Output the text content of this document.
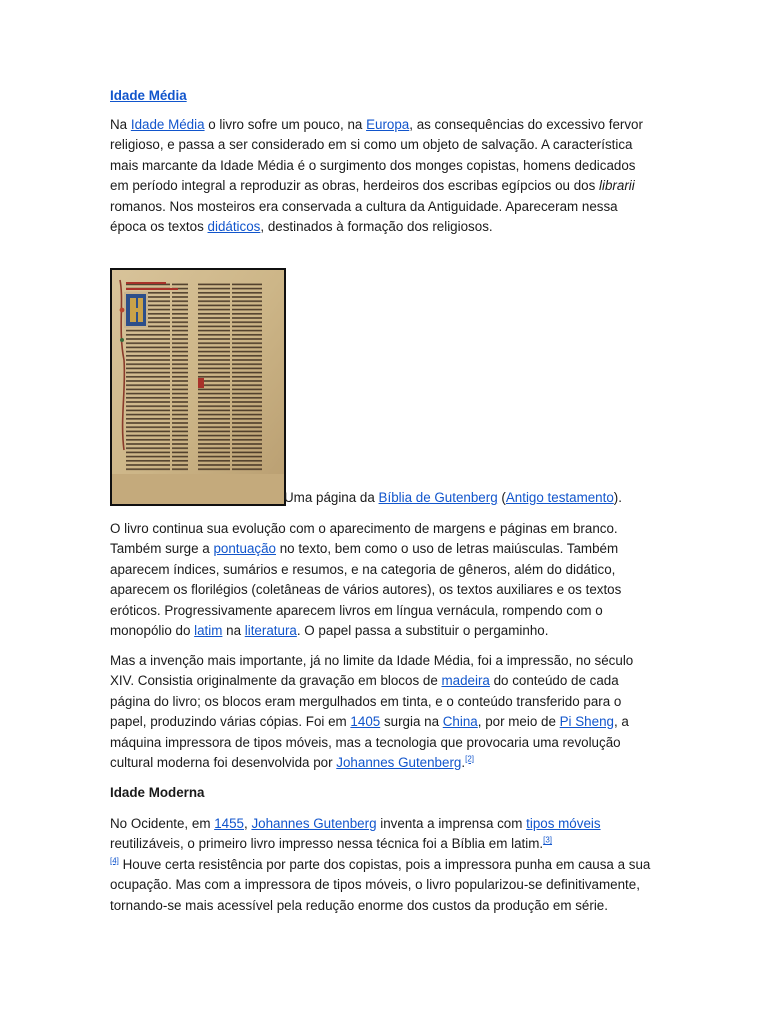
Idade Média

Na Idade Média o livro sofre um pouco, na Europa, as consequências do excessivo fervor religioso, e passa a ser considerado em si como um objeto de salvação. A característica mais marcante da Idade Média é o surgimento dos monges copistas, homens dedicados em período integral a reproduzir as obras, herdeiros dos escribas egípcios ou dos librarii romanos. Nos mosteiros era conservada a cultura da Antiguidade. Apareceram nessa época os textos didáticos, destinados à formação dos religiosos.

Uma página da Bíblia de Gutenberg (Antigo testamento).

O livro continua sua evolução com o aparecimento de margens e páginas em branco. Também surge a pontuação no texto, bem como o uso de letras maiúsculas. Também aparecem índices, sumários e resumos, e na categoria de gêneros, além do didático, aparecem os florilégios (coletâneas de vários autores), os textos auxiliares e os textos eróticos. Progressivamente aparecem livros em língua vernácula, rompendo com o monopólio do latim na literatura. O papel passa a substituir o pergaminho.

Mas a invenção mais importante, já no limite da Idade Média, foi a impressão, no século XIV. Consistia originalmente da gravação em blocos de madeira do conteúdo de cada página do livro; os blocos eram mergulhados em tinta, e o conteúdo transferido para o papel, produzindo várias cópias. Foi em 1405 surgia na China, por meio de Pi Sheng, a máquina impressora de tipos móveis, mas a tecnologia que provocaria uma revolução cultural moderna foi desenvolvida por Johannes Gutenberg.[2]

Idade Moderna

No Ocidente, em 1455, Johannes Gutenberg inventa a imprensa com tipos móveis reutilizáveis, o primeiro livro impresso nessa técnica foi a Bíblia em latim.[3]
[4] Houve certa resistência por parte dos copistas, pois a impressora punha em causa a sua ocupação. Mas com a impressora de tipos móveis, o livro popularizou-se definitivamente, tornando-se mais acessível pela redução enorme dos custos da produção em série.
